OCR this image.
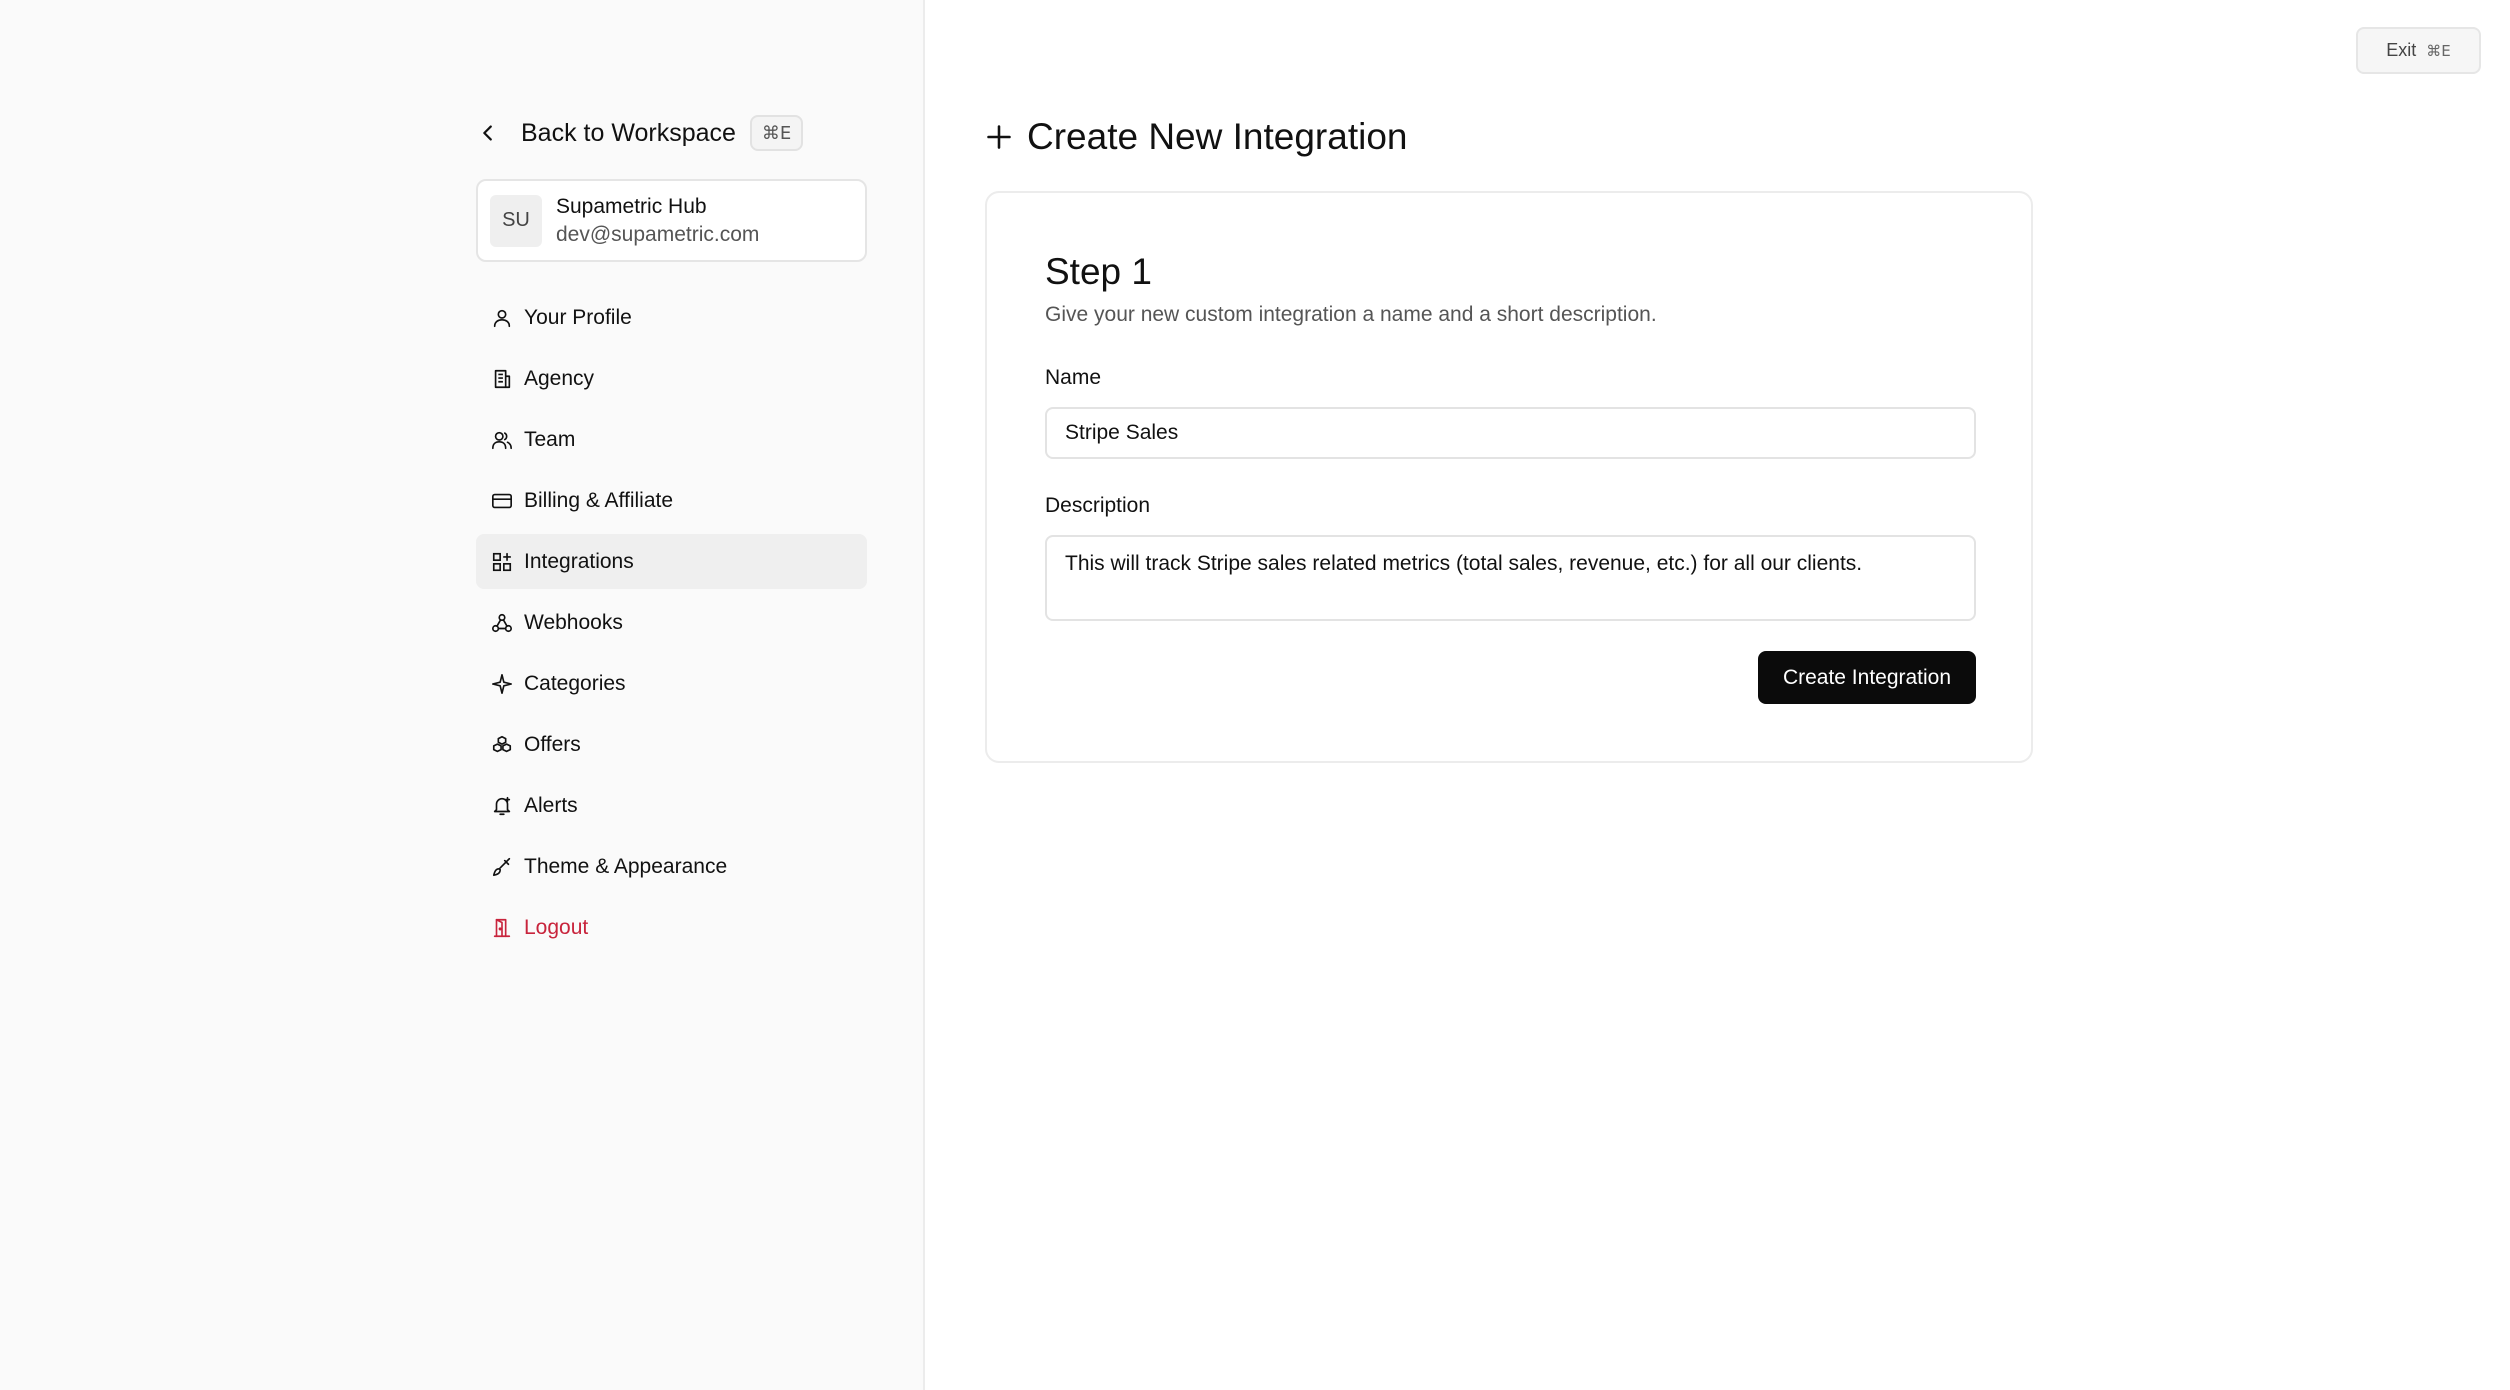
Back to Workspace	⌘E
SU
Supametric Hub
dev@supametric.com
Your Profile
Agency
Team
Billing & Affiliate
Integrations
Webhooks
Categories
Offers
Alerts
Theme & Appearance
Logout
Exit ⌘E
Create New Integration
Step 1
Give your new custom integration a name and a short description.
Name
Stripe Sales
Description
This will track Stripe sales related metrics (total sales, revenue, etc.) for all our clients.
Create Integration
